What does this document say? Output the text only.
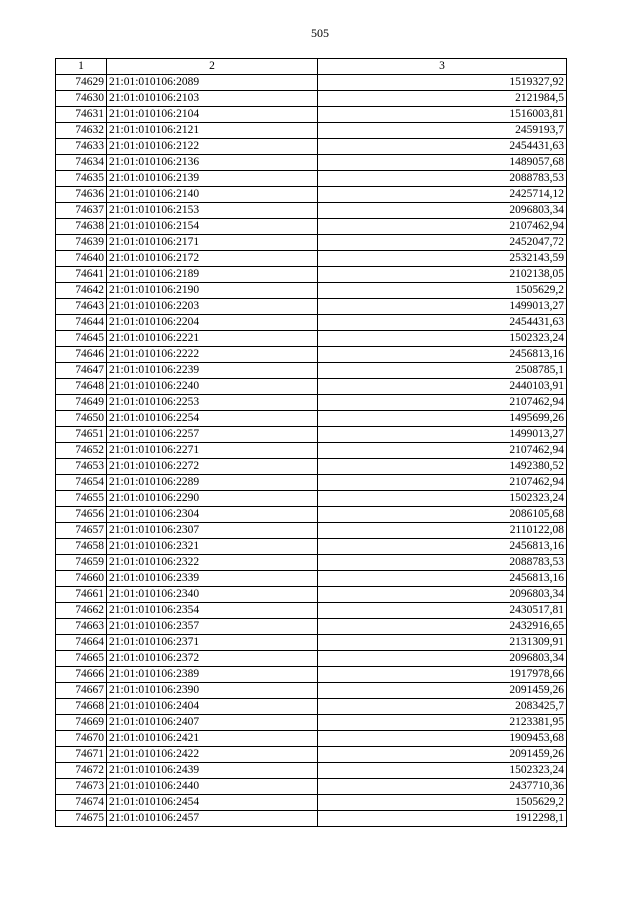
505
1	2	3
74629	21:01:010106:2089	1519327,92
74630	21:01:010106:2103	2121984,5
74631	21:01:010106:2104	1516003,81
74632	21:01:010106:2121	2459193,7
74633	21:01:010106:2122	2454431,63
74634	21:01:010106:2136	1489057,68
74635	21:01:010106:2139	2088783,53
74636	21:01:010106:2140	2425714,12
74637	21:01:010106:2153	2096803,34
74638	21:01:010106:2154	2107462,94
74639	21:01:010106:2171	2452047,72
74640	21:01:010106:2172	2532143,59
74641	21:01:010106:2189	2102138,05
74642	21:01:010106:2190	1505629,2
74643	21:01:010106:2203	1499013,27
74644	21:01:010106:2204	2454431,63
74645	21:01:010106:2221	1502323,24
74646	21:01:010106:2222	2456813,16
74647	21:01:010106:2239	2508785,1
74648	21:01:010106:2240	2440103,91
74649	21:01:010106:2253	2107462,94
74650	21:01:010106:2254	1495699,26
74651	21:01:010106:2257	1499013,27
74652	21:01:010106:2271	2107462,94
74653	21:01:010106:2272	1492380,52
74654	21:01:010106:2289	2107462,94
74655	21:01:010106:2290	1502323,24
74656	21:01:010106:2304	2086105,68
74657	21:01:010106:2307	2110122,08
74658	21:01:010106:2321	2456813,16
74659	21:01:010106:2322	2088783,53
74660	21:01:010106:2339	2456813,16
74661	21:01:010106:2340	2096803,34
74662	21:01:010106:2354	2430517,81
74663	21:01:010106:2357	2432916,65
74664	21:01:010106:2371	2131309,91
74665	21:01:010106:2372	2096803,34
74666	21:01:010106:2389	1917978,66
74667	21:01:010106:2390	2091459,26
74668	21:01:010106:2404	2083425,7
74669	21:01:010106:2407	2123381,95
74670	21:01:010106:2421	1909453,68
74671	21:01:010106:2422	2091459,26
74672	21:01:010106:2439	1502323,24
74673	21:01:010106:2440	2437710,36
74674	21:01:010106:2454	1505629,2
74675	21:01:010106:2457	1912298,1
